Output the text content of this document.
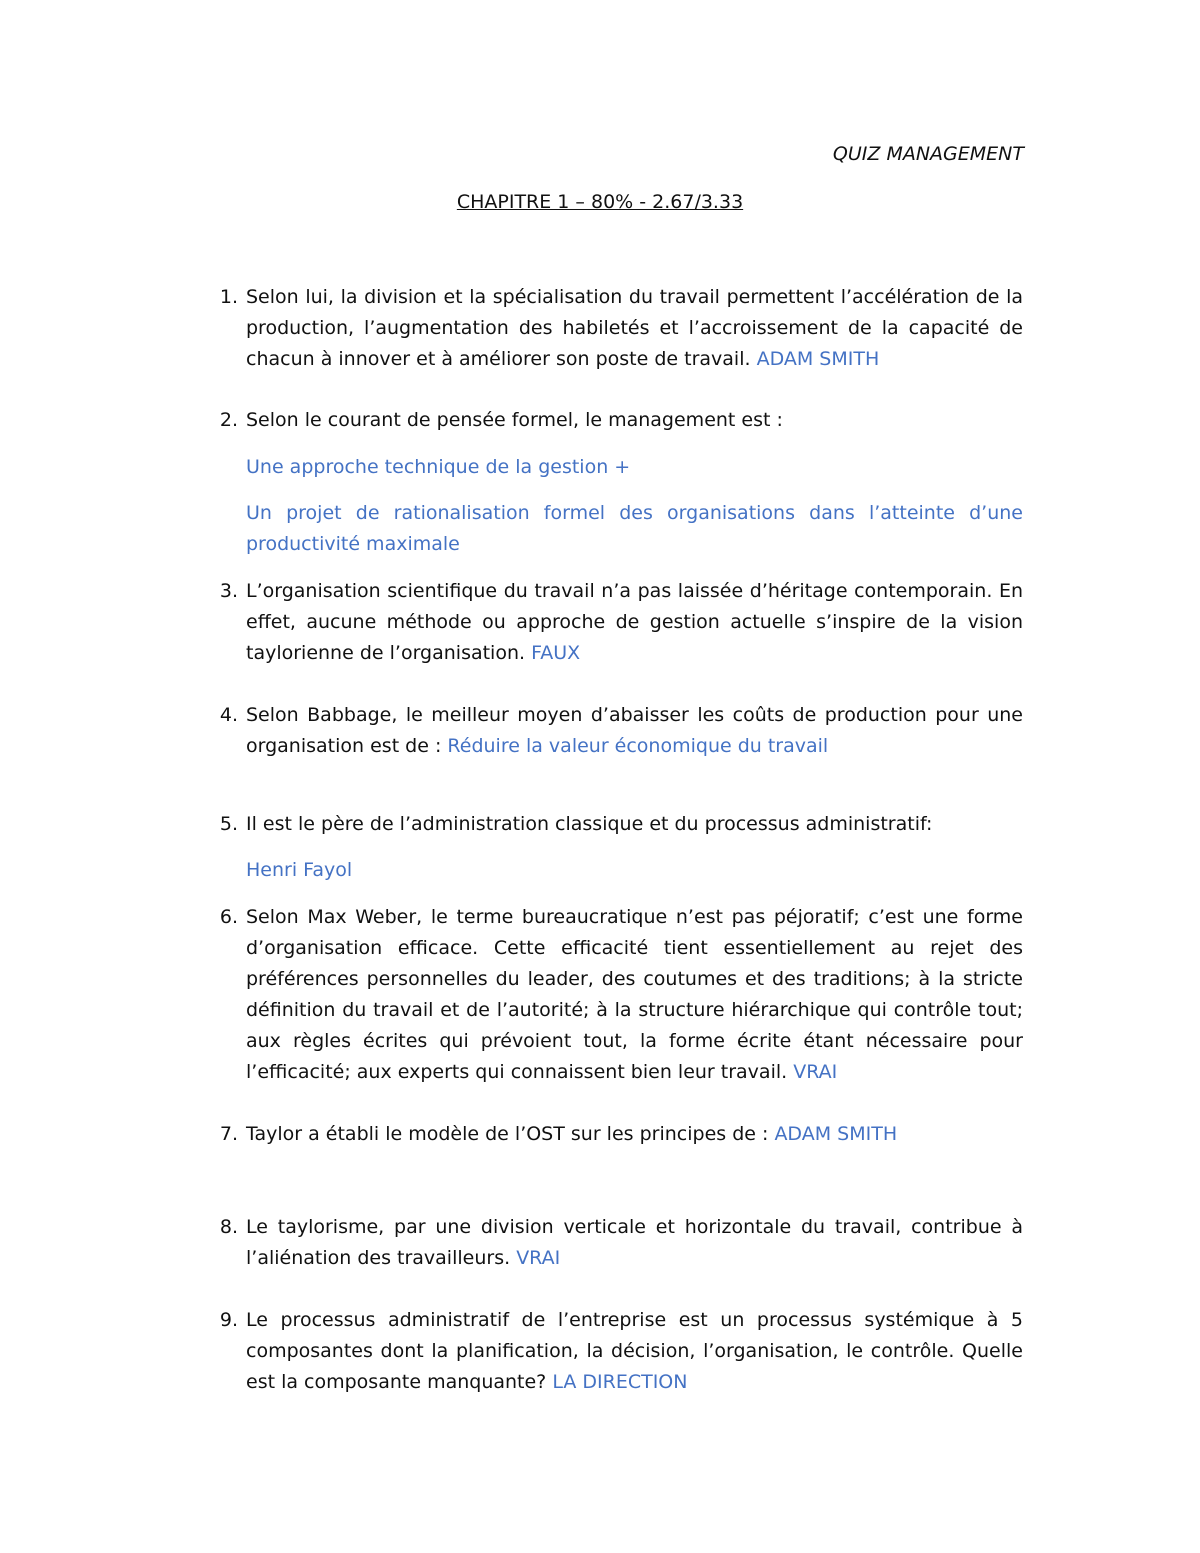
QUIZ MANAGEMENT

CHAPITRE 1 – 80% - 2.67/3.33

1. Selon lui, la division et la spécialisation du travail permettent l’accélération de la production, l’augmentation des habiletés et l’accroissement de la capacité de chacun à innover et à améliorer son poste de travail. ADAM SMITH
2. Selon le courant de pensée formel, le management est :
Une approche technique de la gestion +
Un projet de rationalisation formel des organisations dans l’atteinte d’une productivité maximale
3. L’organisation scientifique du travail n’a pas laissée d’héritage contemporain. En effet, aucune méthode ou approche de gestion actuelle s’inspire de la vision taylorienne de l’organisation. FAUX
4. Selon Babbage, le meilleur moyen d’abaisser les coûts de production pour une organisation est de : Réduire la valeur économique du travail
5. Il est le père de l’administration classique et du processus administratif:
Henri Fayol
6. Selon Max Weber, le terme bureaucratique n’est pas péjoratif; c’est une forme d’organisation efficace. Cette efficacité tient essentiellement au rejet des préférences personnelles du leader, des coutumes et des traditions; à la stricte définition du travail et de l’autorité; à la structure hiérarchique qui contrôle tout; aux règles écrites qui prévoient tout, la forme écrite étant nécessaire pour l’efficacité; aux experts qui connaissent bien leur travail. VRAI
7. Taylor a établi le modèle de l’OST sur les principes de : ADAM SMITH
8. Le taylorisme, par une division verticale et horizontale du travail, contribue à l’aliénation des travailleurs. VRAI
9. Le processus administratif de l’entreprise est un processus systémique à 5 composantes dont la planification, la décision, l’organisation, le contrôle. Quelle est la composante manquante? LA DIRECTION
